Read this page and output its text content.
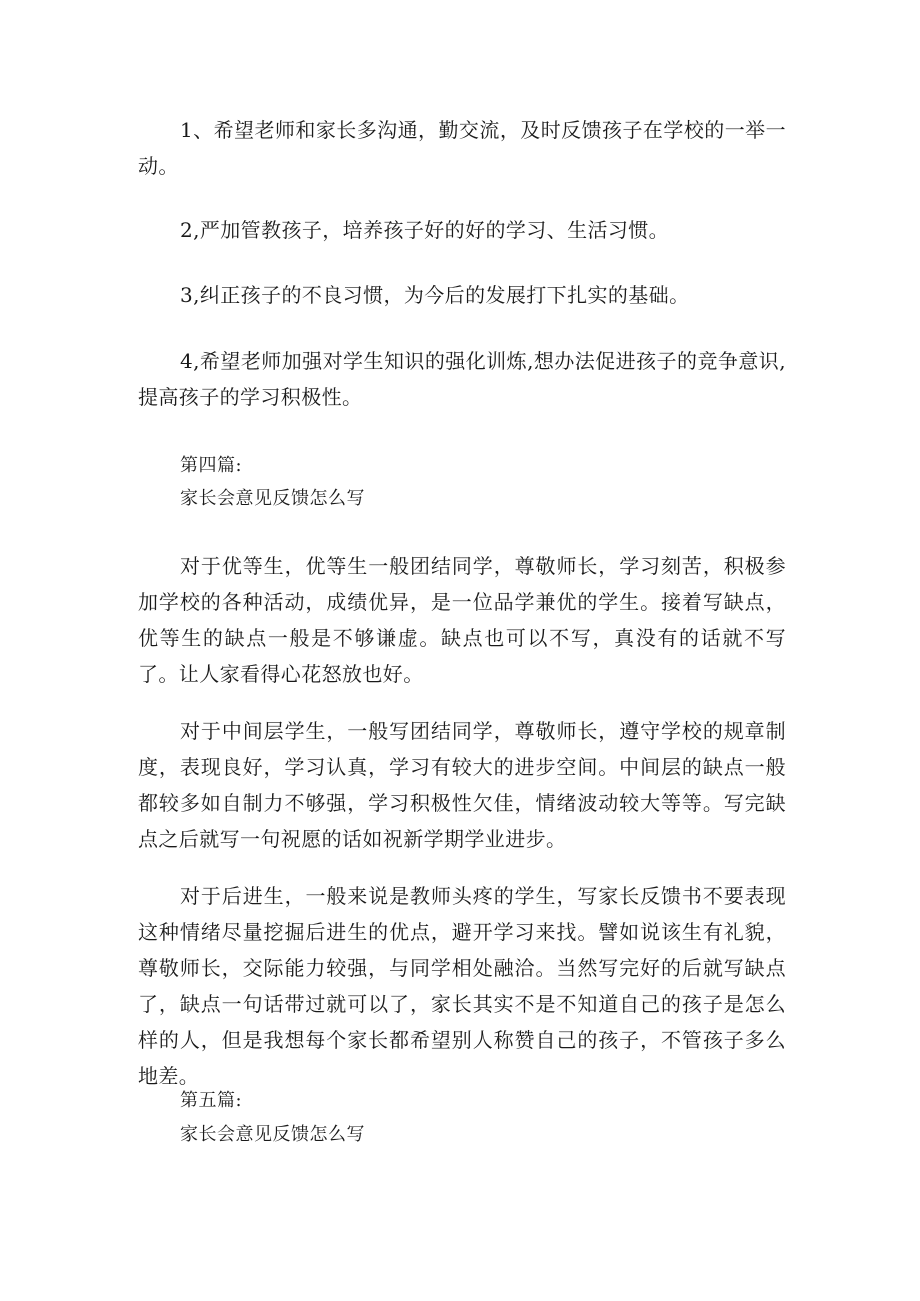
1、希望老师和家长多沟通，勤交流，及时反馈孩子在学校的一举一动。

2,严加管教孩子，培养孩子好的好的学习、生活习惯。

3,纠正孩子的不良习惯，为今后的发展打下扎实的基础。

4,希望老师加强对学生知识的强化训炼,想办法促进孩子的竞争意识,提高孩子的学习积极性。

第四篇:

家长会意见反馈怎么写

对于优等生，优等生一般团结同学，尊敬师长，学习刻苦，积极参加学校的各种活动，成绩优异，是一位品学兼优的学生。接着写缺点，优等生的缺点一般是不够谦虚。缺点也可以不写，真没有的话就不写了。让人家看得心花怒放也好。

对于中间层学生，一般写团结同学，尊敬师长，遵守学校的规章制度，表现良好，学习认真，学习有较大的进步空间。中间层的缺点一般都较多如自制力不够强，学习积极性欠佳，情绪波动较大等等。写完缺点之后就写一句祝愿的话如祝新学期学业进步。

对于后进生，一般来说是教师头疼的学生，写家长反馈书不要表现这种情绪尽量挖掘后进生的优点，避开学习来找。譬如说该生有礼貌，尊敬师长，交际能力较强，与同学相处融洽。当然写完好的后就写缺点了，缺点一句话带过就可以了，家长其实不是不知道自己的孩子是怎么样的人，但是我想每个家长都希望别人称赞自己的孩子，不管孩子多么地差。

第五篇:

家长会意见反馈怎么写
